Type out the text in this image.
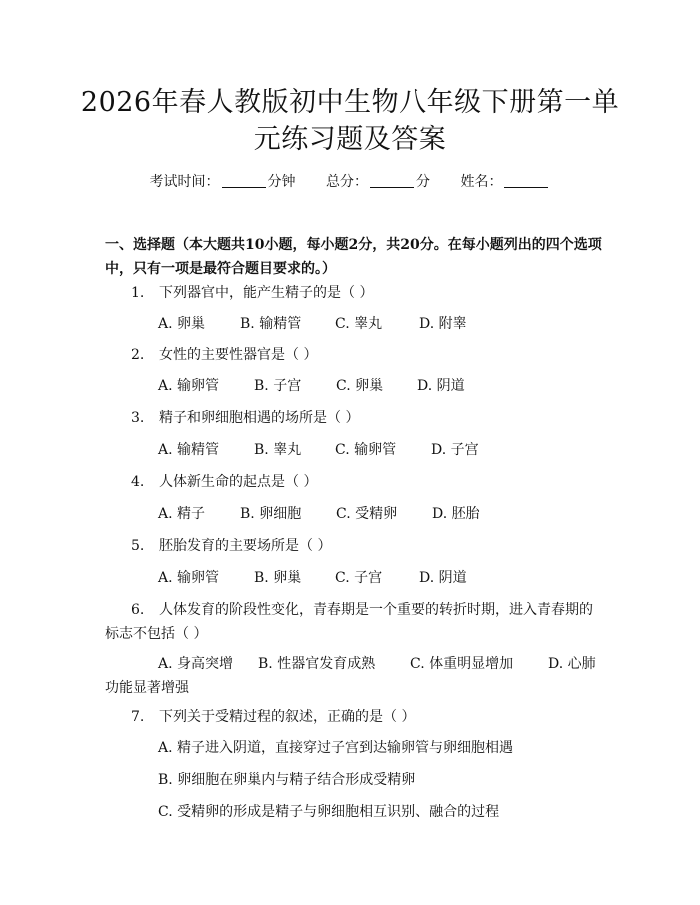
2026年春人教版初中生物八年级下册第一单
元练习题及答案
考试时间：	分钟 总分：	分 姓名：
一、选择题（本大题共10小题，每小题2分，共20分。在每小题列出的四个选项中，只有一项是最符合题目要求的。）
1. 下列器官中，能产生精子的是（ ）
A. 卵巢 B. 输精管 C. 睾丸	D. 附睾
2. 女性的主要性器官是（ ）
A. 输卵管 B. 子宫 C. 卵巢 D. 阴道
3. 精子和卵细胞相遇的场所是（ ）
A. 输精管 B. 睾丸 C. 输卵管 D. 子宫
4. 人体新生命的起点是（ ）
A. 精子 B. 卵细胞 C. 受精卵 D. 胚胎
5. 胚胎发育的主要场所是（ ）
A. 输卵管 B. 卵巢 C. 子宫	D. 阴道
6. 人体发育的阶段性变化，青春期是一个重要的转折时期，进入青春期的标志不包括（ ）
A. 身高突增 B. 性器官发育成熟 C. 体重明显增加 D. 心肺功能显著增强
7. 下列关于受精过程的叙述，正确的是（ ）
A. 精子进入阴道，直接穿过子宫到达输卵管与卵细胞相遇
B. 卵细胞在卵巢内与精子结合形成受精卵
C. 受精卵的形成是精子与卵细胞相互识别、融合的过程
